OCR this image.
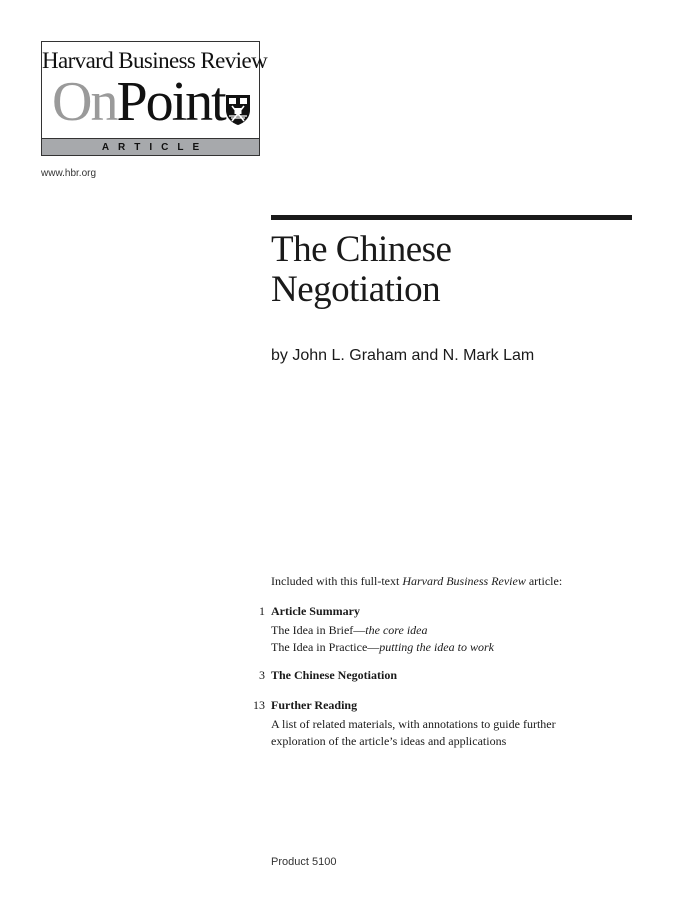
Harvard Business Review
OnPoint
ARTICLE
www.hbr.org
The Chinese
Negotiation
by John L. Graham and N. Mark Lam
Included with this full-text Harvard Business Review article:
1 Article Summary
The Idea in Brief—the core idea
The Idea in Practice—putting the idea to work
3 The Chinese Negotiation
13 Further Reading
A list of related materials, with annotations to guide further
exploration of the article’s ideas and applications
Product 5100
